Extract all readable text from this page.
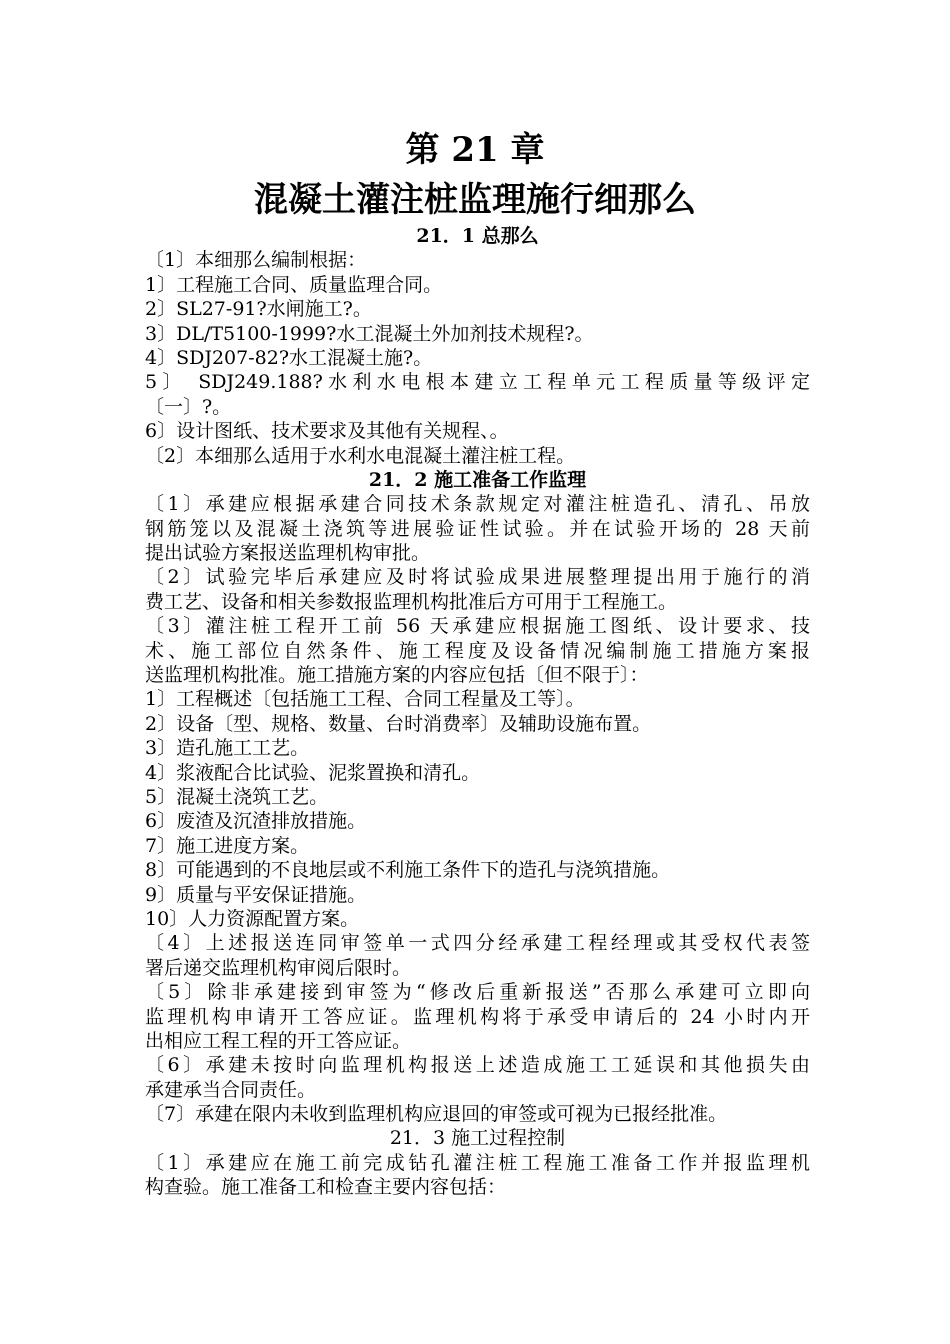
第 21 章
混凝土灌注桩监理施行细那么
21．1 总那么
〔1〕本细那么编制根据：
1〕工程施工合同、质量监理合同。
2〕SL27-91?水闸施工?。
3〕DL/T5100-1999?水工混凝土外加剂技术规程?。
4〕SDJ207-82?水工混凝土施?。
5〕 SDJ249.188?水利水电根本建立工程单元工程质量等级评定
〔一〕?。
6〕设计图纸、技术要求及其他有关规程、。
〔2〕本细那么适用于水利水电混凝土灌注桩工程。
21．2 施工准备工作监理
〔1〕承建应根据承建合同技术条款规定对灌注桩造孔、清孔、吊放
钢筋笼以及混凝土浇筑等进展验证性试验。并在试验开场的 28 天前
提出试验方案报送监理机构审批。
〔2〕试验完毕后承建应及时将试验成果进展整理提出用于施行的消
费工艺、设备和相关参数报监理机构批准后方可用于工程施工。
〔3〕灌注桩工程开工前 56 天承建应根据施工图纸、设计要求、技
术、施工部位自然条件、施工程度及设备情况编制施工措施方案报
送监理机构批准。施工措施方案的内容应包括〔但不限于〕：
1〕工程概述〔包括施工工程、合同工程量及工等〕。
2〕设备〔型、规格、数量、台时消费率〕及辅助设施布置。
3〕造孔施工工艺。
4〕浆液配合比试验、泥浆置换和清孔。
5〕混凝土浇筑工艺。
6〕废渣及沉渣排放措施。
7〕施工进度方案。
8〕可能遇到的不良地层或不利施工条件下的造孔与浇筑措施。
9〕质量与平安保证措施。
10〕人力资源配置方案。
〔4〕上述报送连同审签单一式四分经承建工程经理或其受权代表签
署后递交监理机构审阅后限时。
〔5〕除非承建接到审签为“修改后重新报送”否那么承建可立即向
监理机构申请开工答应证。监理机构将于承受申请后的 24 小时内开
出相应工程工程的开工答应证。
〔6〕承建未按时向监理机构报送上述造成施工工延误和其他损失由
承建承当合同责任。
〔7〕承建在限内未收到监理机构应退回的审签或可视为已报经批准。
21．3 施工过程控制
〔1〕承建应在施工前完成钻孔灌注桩工程施工准备工作并报监理机
构查验。施工准备工和检查主要内容包括：
